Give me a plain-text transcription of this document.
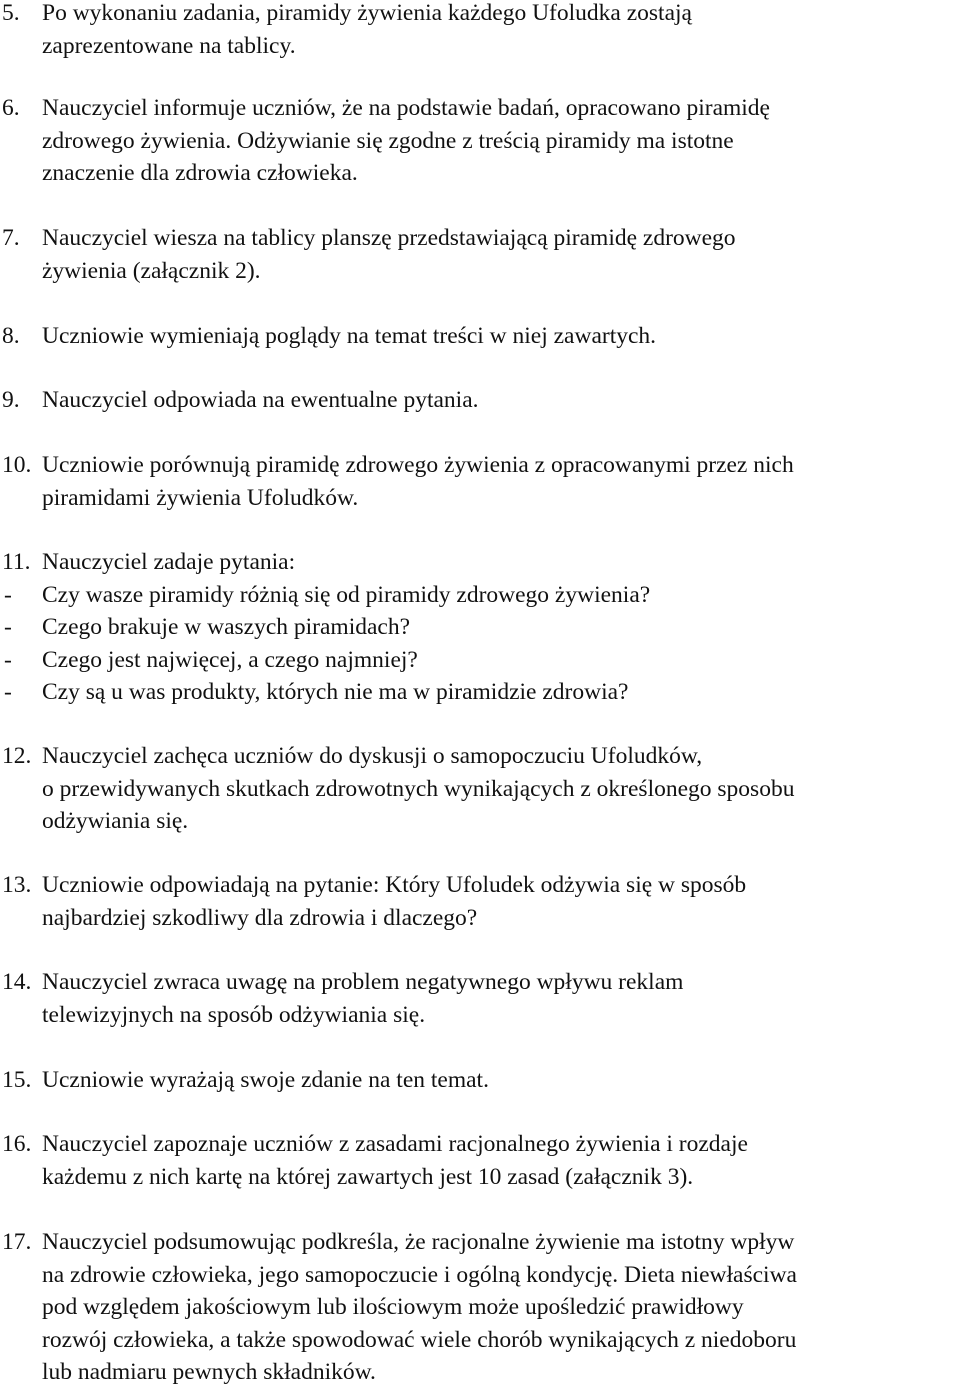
5. Po wykonaniu zadania, piramidy żywienia każdego Ufoludka zostają
zaprezentowane na tablicy.
6. Nauczyciel informuje uczniów, że na podstawie badań, opracowano piramidę
zdrowego żywienia. Odżywianie się zgodne z treścią piramidy ma istotne
znaczenie dla zdrowia człowieka.
7. Nauczyciel wiesza na tablicy planszę przedstawiającą piramidę zdrowego
żywienia (załącznik 2).
8. Uczniowie wymieniają poglądy na temat treści w niej zawartych.
9. Nauczyciel odpowiada na ewentualne pytania.
10. Uczniowie porównują piramidę zdrowego żywienia z opracowanymi przez nich
piramidami żywienia Ufoludków.
11. Nauczyciel zadaje pytania:
- Czy wasze piramidy różnią się od piramidy zdrowego żywienia?
- Czego brakuje w waszych piramidach?
- Czego jest najwięcej, a czego najmniej?
- Czy są u was produkty, których nie ma w piramidzie zdrowia?
12. Nauczyciel zachęca uczniów do dyskusji o samopoczuciu Ufoludków,
o przewidywanych skutkach zdrowotnych wynikających z określonego sposobu
odżywiania się.
13. Uczniowie odpowiadają na pytanie: Który Ufoludek odżywia się w sposób
najbardziej szkodliwy dla zdrowia i dlaczego?
14. Nauczyciel zwraca uwagę na problem negatywnego wpływu reklam
telewizyjnych na sposób odżywiania się.
15. Uczniowie wyrażają swoje zdanie na ten temat.
16. Nauczyciel zapoznaje uczniów z zasadami racjonalnego żywienia i rozdaje
każdemu z nich kartę na której zawartych jest 10 zasad (załącznik 3).
17. Nauczyciel podsumowując podkreśla, że racjonalne żywienie ma istotny wpływ
na zdrowie człowieka, jego samopoczucie i ogólną kondycję. Dieta niewłaściwa
pod względem jakościowym lub ilościowym może upośledzić prawidłowy
rozwój człowieka, a także spowodować wiele chorób wynikających z niedoboru
lub nadmiaru pewnych składników.
